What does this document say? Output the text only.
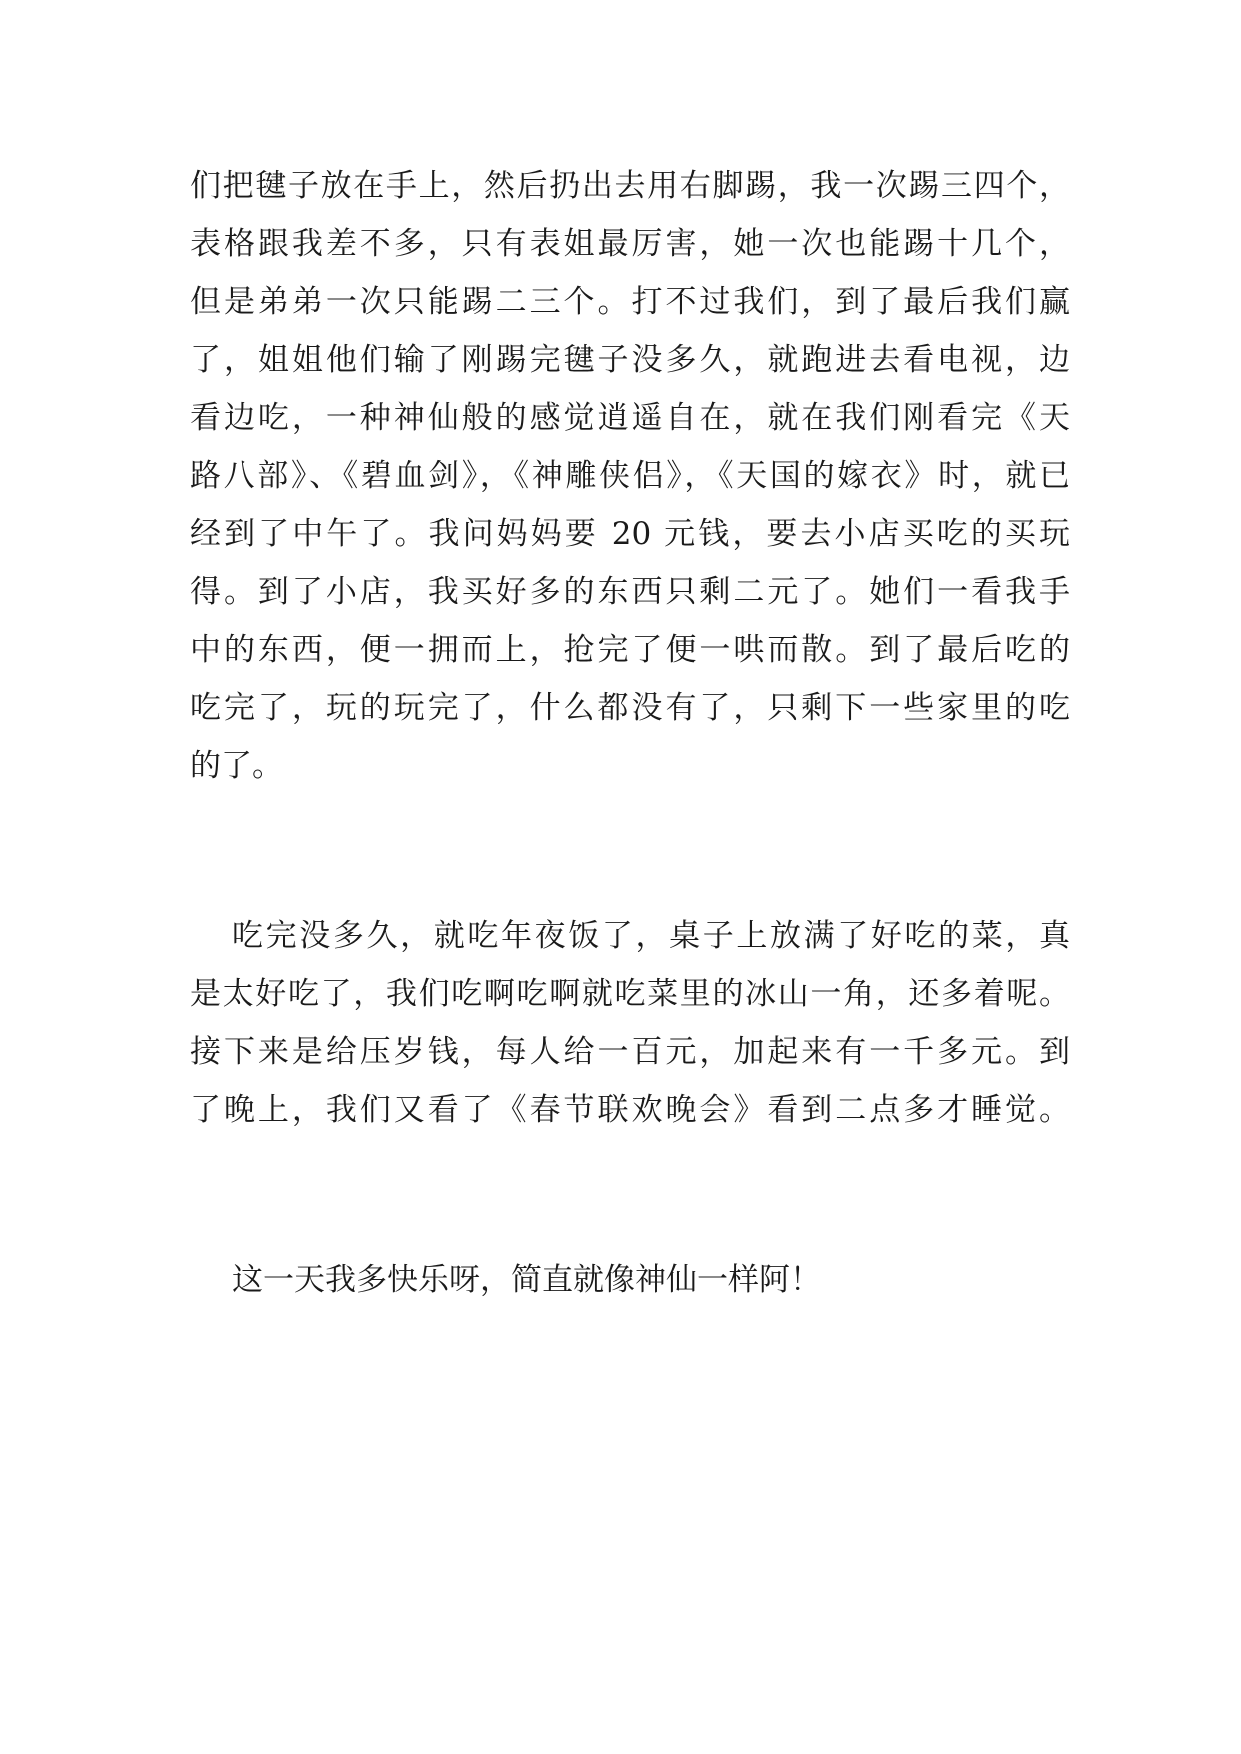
们把毽子放在手上，然后扔出去用右脚踢，我一次踢三四个，
表格跟我差不多，只有表姐最厉害，她一次也能踢十几个，
但是弟弟一次只能踢二三个。打不过我们，到了最后我们赢
了，姐姐他们输了刚踢完毽子没多久，就跑进去看电视，边
看边吃，一种神仙般的感觉逍遥自在，就在我们刚看完《天
路八部》、《碧血剑》，《神雕侠侣》，《天国的嫁衣》时，就已
经到了中午了。我问妈妈要 20 元钱，要去小店买吃的买玩
得。到了小店，我买好多的东西只剩二元了。她们一看我手
中的东西，便一拥而上，抢完了便一哄而散。到了最后吃的
吃完了，玩的玩完了，什么都没有了，只剩下一些家里的吃
的了。
吃完没多久，就吃年夜饭了，桌子上放满了好吃的菜，真
是太好吃了，我们吃啊吃啊就吃菜里的冰山一角，还多着呢。
接下来是给压岁钱，每人给一百元，加起来有一千多元。到
了晚上，我们又看了《春节联欢晚会》看到二点多才睡觉。
这一天我多快乐呀，简直就像神仙一样阿！
